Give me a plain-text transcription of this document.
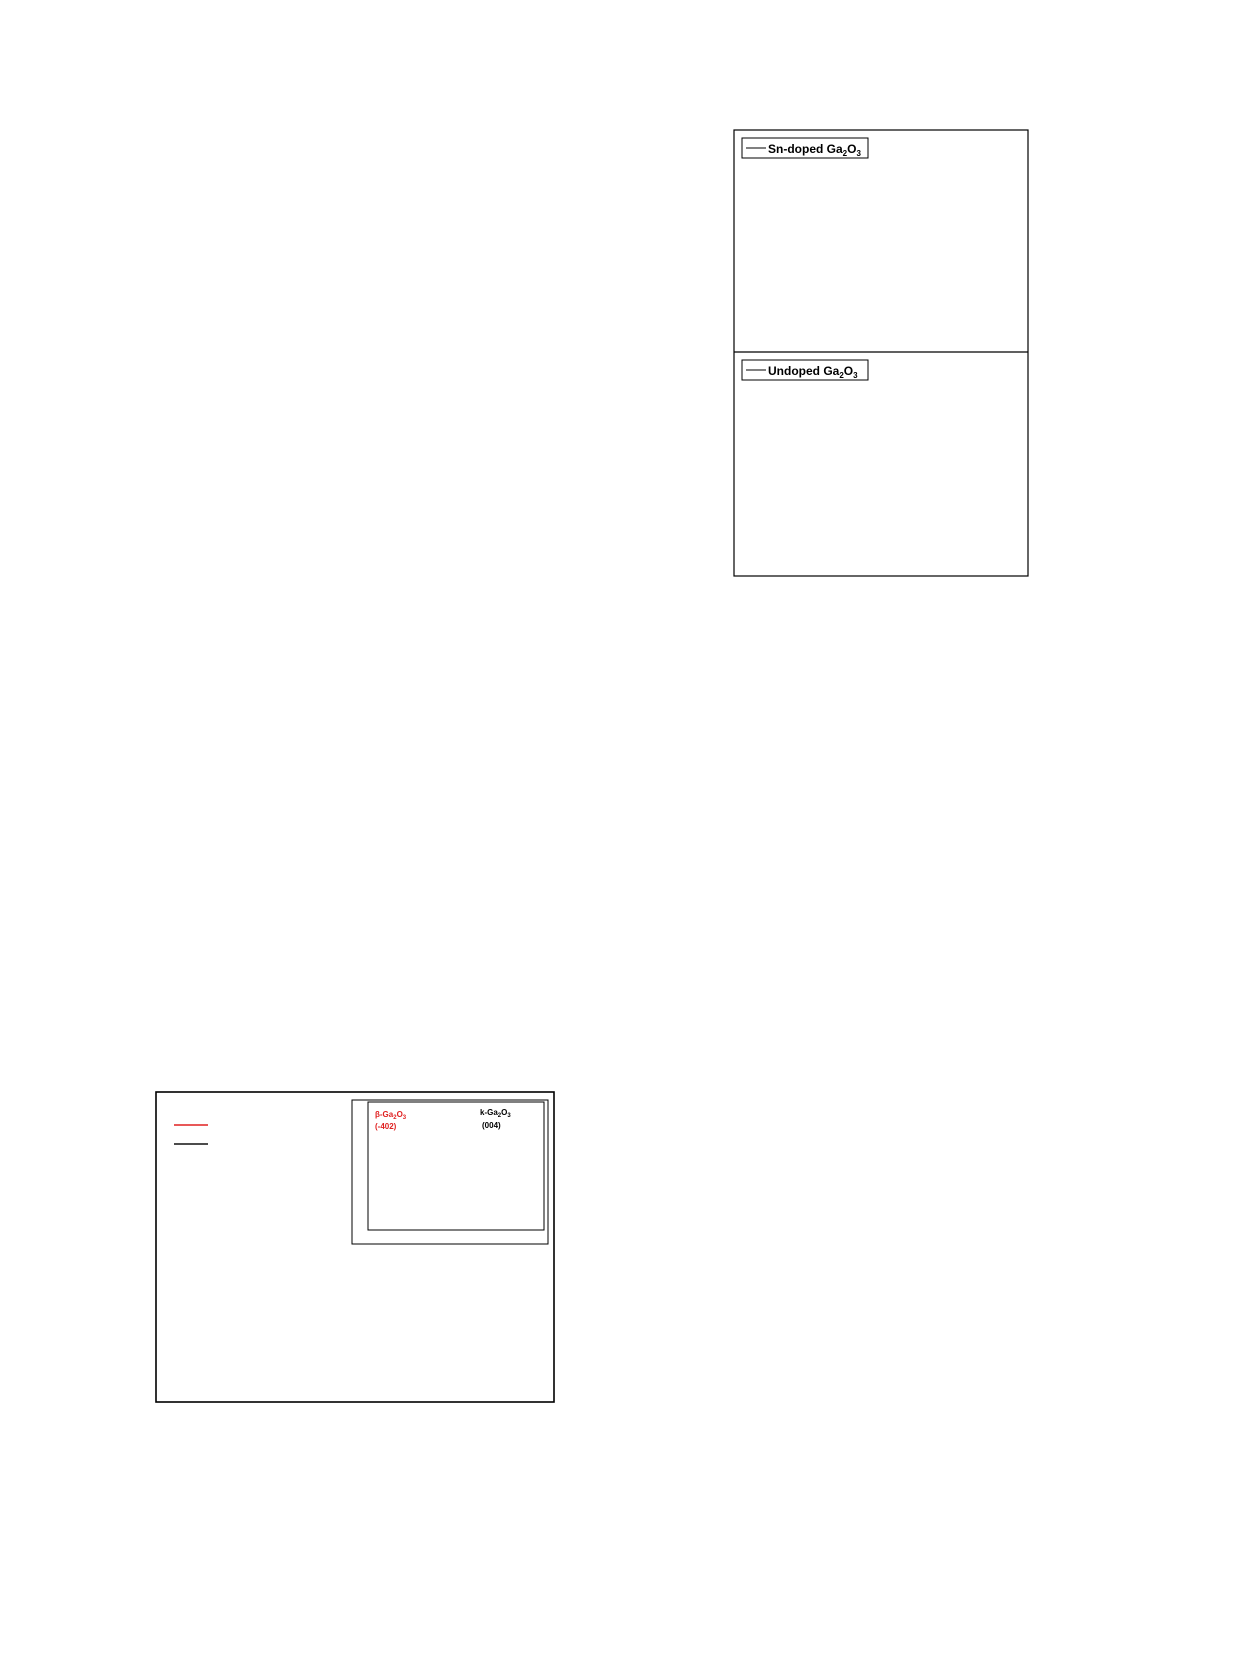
$\beta-Ga_2O_3$
(-402)
$k-Ga_2O_3$
(004)
Sn-doped $Ga_2O_3$
Undoped $Ga_2O_3$
